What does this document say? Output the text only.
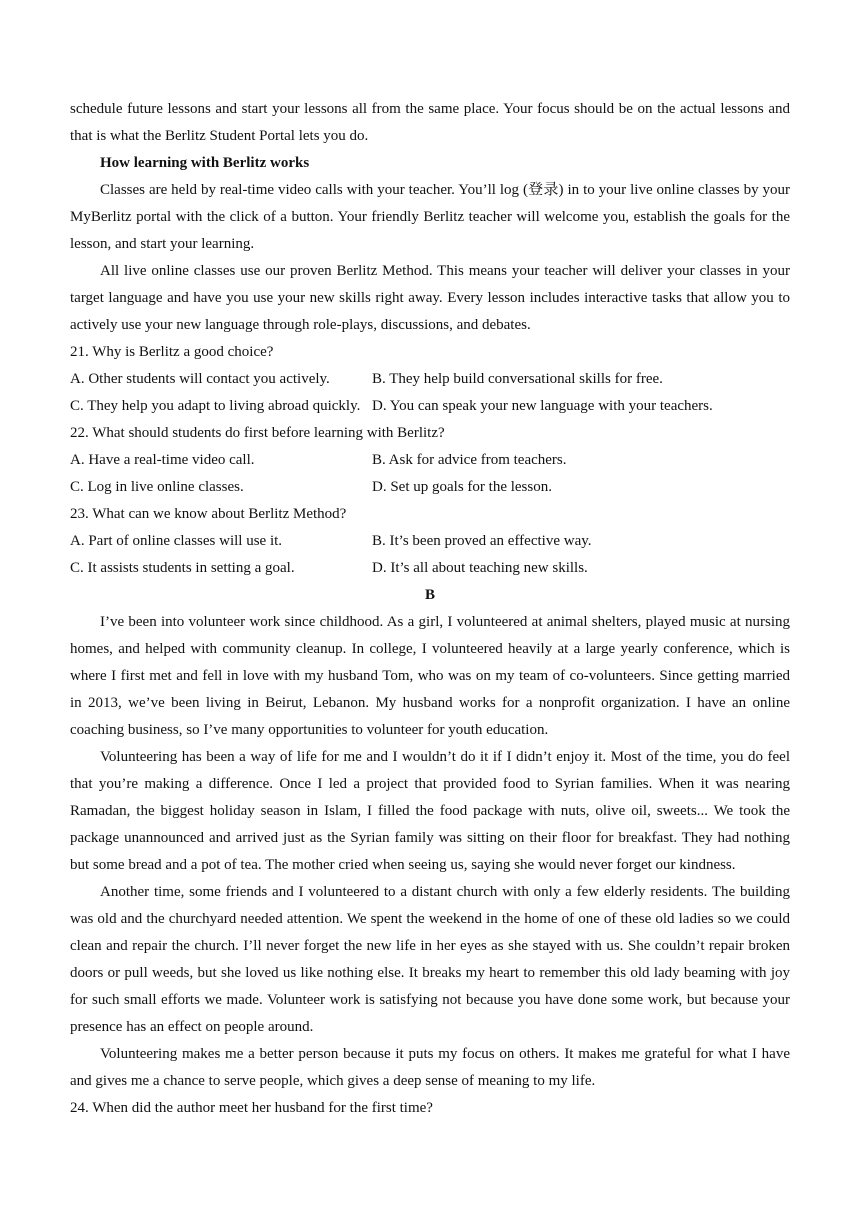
schedule future lessons and start your lessons all from the same place. Your focus should be on the actual lessons and that is what the Berlitz Student Portal lets you do.

How learning with Berlitz works

Classes are held by real-time video calls with your teacher. You’ll log (登录) in to your live online classes by your MyBerlitz portal with the click of a button. Your friendly Berlitz teacher will welcome you, establish the goals for the lesson, and start your learning.

All live online classes use our proven Berlitz Method. This means your teacher will deliver your classes in your target language and have you use your new skills right away. Every lesson includes interactive tasks that allow you to actively use your new language through role-plays, discussions, and debates.

21. Why is Berlitz a good choice?

A. Other students will contact you actively.	B. They help build conversational skills for free.
C. They help you adapt to living abroad quickly. D. You can speak your new language with your teachers.

22. What should students do first before learning with Berlitz?

A. Have a real-time video call.	B. Ask for advice from teachers.
C. Log in live online classes.	D. Set up goals for the lesson.

23. What can we know about Berlitz Method?

A. Part of online classes will use it.	B. It’s been proved an effective way.
C. It assists students in setting a goal.	D. It’s all about teaching new skills.

B

I’ve been into volunteer work since childhood. As a girl, I volunteered at animal shelters, played music at nursing homes, and helped with community cleanup. In college, I volunteered heavily at a large yearly conference, which is where I first met and fell in love with my husband Tom, who was on my team of co-volunteers. Since getting married in 2013, we’ve been living in Beirut, Lebanon. My husband works for a nonprofit organization. I have an online coaching business, so I’ve many opportunities to volunteer for youth education.

Volunteering has been a way of life for me and I wouldn’t do it if I didn’t enjoy it. Most of the time, you do feel that you’re making a difference. Once I led a project that provided food to Syrian families. When it was nearing Ramadan, the biggest holiday season in Islam, I filled the food package with nuts, olive oil, sweets... We took the package unannounced and arrived just as the Syrian family was sitting on their floor for breakfast. They had nothing but some bread and a pot of tea. The mother cried when seeing us, saying she would never forget our kindness.

Another time, some friends and I volunteered to a distant church with only a few elderly residents. The building was old and the churchyard needed attention. We spent the weekend in the home of one of these old ladies so we could clean and repair the church. I’ll never forget the new life in her eyes as she stayed with us. She couldn’t repair broken doors or pull weeds, but she loved us like nothing else. It breaks my heart to remember this old lady beaming with joy for such small efforts we made. Volunteer work is satisfying not because you have done some work, but because your presence has an effect on people around.

Volunteering makes me a better person because it puts my focus on others. It makes me grateful for what I have and gives me a chance to serve people, which gives a deep sense of meaning to my life.

24. When did the author meet her husband for the first time?
